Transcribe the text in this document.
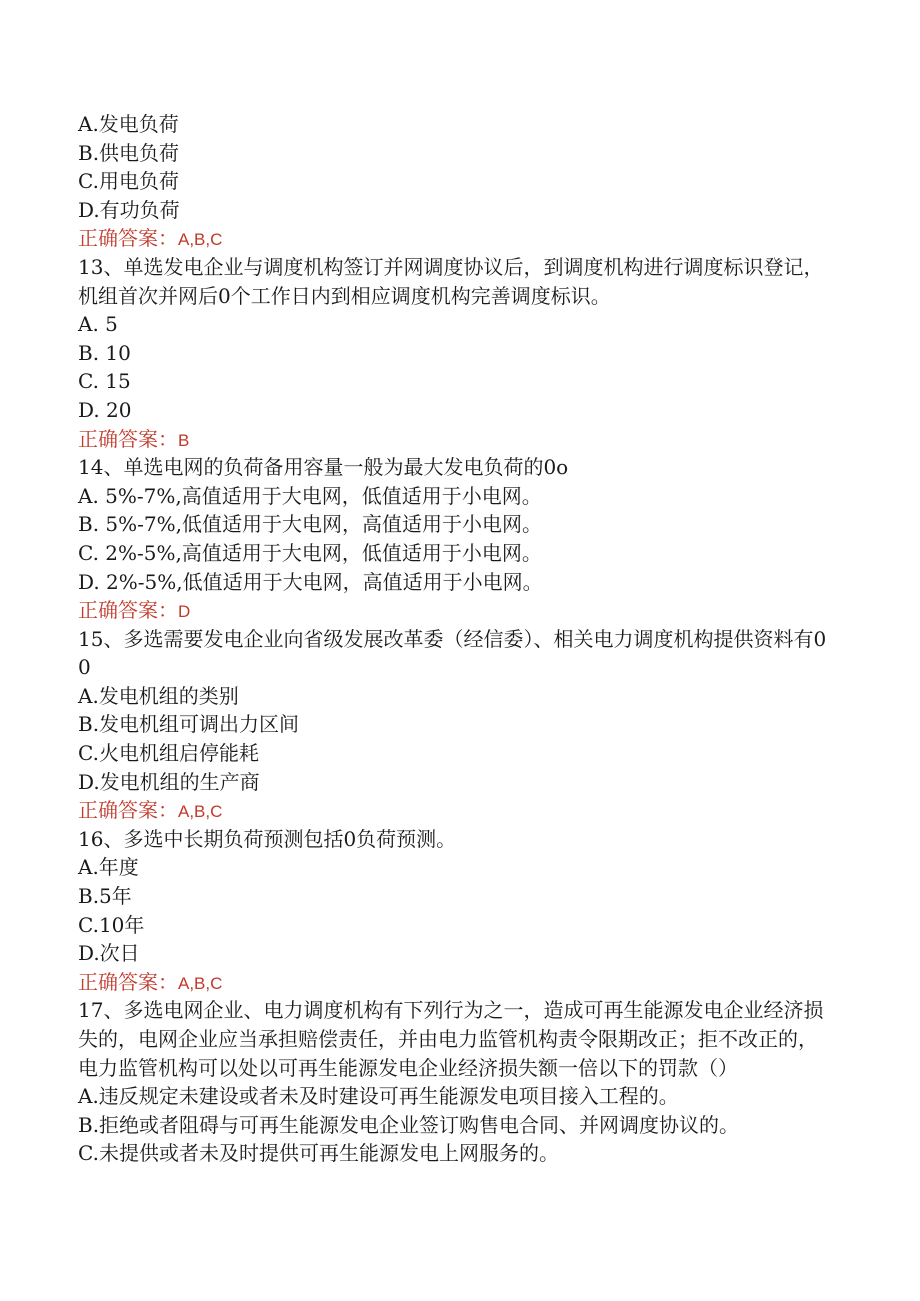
A.发电负荷
B.供电负荷
C.用电负荷
D.有功负荷
正确答案：A,B,C
13、单选发电企业与调度机构签订并网调度协议后，到调度机构进行调度标识登记，机组首次并网后0个工作日内到相应调度机构完善调度标识。
A. 5
B. 10
C. 15
D. 20
正确答案：B
14、单选电网的负荷备用容量一般为最大发电负荷的0o
A. 5%-7%,高值适用于大电网，低值适用于小电网。
B. 5%-7%,低值适用于大电网，高值适用于小电网。
C. 2%-5%,高值适用于大电网，低值适用于小电网。
D. 2%-5%,低值适用于大电网，高值适用于小电网。
正确答案：D
15、多选需要发电企业向省级发展改革委（经信委）、相关电力调度机构提供资料有00
A.发电机组的类别
B.发电机组可调出力区间
C.火电机组启停能耗
D.发电机组的生产商
正确答案：A,B,C
16、多选中长期负荷预测包括0负荷预测。
A.年度
B.5年
C.10年
D.次日
正确答案：A,B,C
17、多选电网企业、电力调度机构有下列行为之一，造成可再生能源发电企业经济损失的，电网企业应当承担赔偿责任，并由电力监管机构责令限期改正；拒不改正的，电力监管机构可以处以可再生能源发电企业经济损失额一倍以下的罚款（）
A.违反规定未建设或者未及时建设可再生能源发电项目接入工程的。
B.拒绝或者阻碍与可再生能源发电企业签订购售电合同、并网调度协议的。
C.未提供或者未及时提供可再生能源发电上网服务的。
